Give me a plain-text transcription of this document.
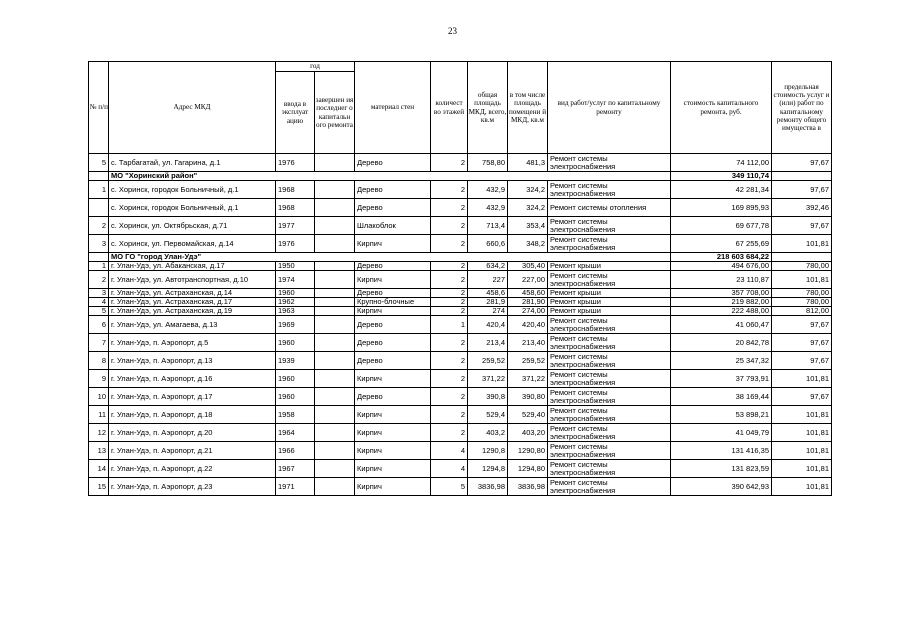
23
№ п/п	Адрес МКД	год		материал стен	количест во этажей	общая площадь МКД, всего, кв.м	в том числе площадь помещени й МКД, кв.м	вид работ/услуг по капитальному ремонту	стоимость капитального ремонта, руб.	предельная стоимость услуг и (или) работ по капитальному ремонту общего имущества в
		ввода в эксплуат ацию	завершен ия последнег о капитальн ого ремонта							
5	с. Тарбагатай, ул. Гагарина, д.1	1976		Дерево	2	758,80	481,3	Ремонт системы электроснабжения	74 112,00	97,67
	МО "Хоринский район"								349 110,74	
1	с. Хоринск, городок Больничный, д.1	1968		Дерево	2	432,9	324,2	Ремонт системы электроснабжения	42 281,34	97,67
	с. Хоринск, городок Больничный, д.1	1968		Дерево	2	432,9	324,2	Ремонт системы отопления	169 895,93	392,46
2	с. Хоринск, ул. Октябрьская, д.71	1977		Шлакоблок	2	713,4	353,4	Ремонт системы электроснабжения	69 677,78	97,67
3	с. Хоринск, ул. Первомайская, д.14	1976		Кирпич	2	660,6	348,2	Ремонт системы электроснабжения	67 255,69	101,81
	МО ГО "город Улан-Удэ"								218 603 684,22	
1	г. Улан-Удэ, ул. Абаканская, д.17	1950		Дерево	2	634,2	305,40	Ремонт крыши	494 676,00	780,00
2	г. Улан-Удэ, ул. Автотранспортная, д.10	1974		Кирпич	2	227	227,00	Ремонт системы электроснабжения	23 110,87	101,81
3	г. Улан-Удэ, ул. Астраханская, д.14	1960		Дерево	2	458,6	458,60	Ремонт крыши	357 708,00	780,00
4	г. Улан-Удэ, ул. Астраханская, д.17	1962		Крупно-блочные	2	281,9	281,90	Ремонт крыши	219 882,00	780,00
5	г. Улан-Удэ, ул. Астраханская, д.19	1963		Кирпич	2	274	274,00	Ремонт крыши	222 488,00	812,00
6	г. Улан-Удэ, ул. Амагаева, д.13	1969		Дерево	1	420,4	420,40	Ремонт системы электроснабжения	41 060,47	97,67
7	г. Улан-Удэ, п. Аэропорт, д.5	1960		Дерево	2	213,4	213,40	Ремонт системы электроснабжения	20 842,78	97,67
8	г. Улан-Удэ, п. Аэропорт, д.13	1939		Дерево	2	259,52	259,52	Ремонт системы электроснабжения	25 347,32	97,67
9	г. Улан-Удэ, п. Аэропорт, д.16	1960		Кирпич	2	371,22	371,22	Ремонт системы электроснабжения	37 793,91	101,81
10	г. Улан-Удэ, п. Аэропорт, д.17	1960		Дерево	2	390,8	390,80	Ремонт системы электроснабжения	38 169,44	97,67
11	г. Улан-Удэ, п. Аэропорт, д.18	1958		Кирпич	2	529,4	529,40	Ремонт системы электроснабжения	53 898,21	101,81
12	г. Улан-Удэ, п. Аэропорт, д.20	1964		Кирпич	2	403,2	403,20	Ремонт системы электроснабжения	41 049,79	101,81
13	г. Улан-Удэ, п. Аэропорт, д.21	1966		Кирпич	4	1290,8	1290,80	Ремонт системы электроснабжения	131 416,35	101,81
14	г. Улан-Удэ, п. Аэропорт, д.22	1967		Кирпич	4	1294,8	1294,80	Ремонт системы электроснабжения	131 823,59	101,81
15	г. Улан-Удэ, п. Аэропорт, д.23	1971		Кирпич	5	3836,98	3836,98	Ремонт системы электроснабжения	390 642,93	101,81
